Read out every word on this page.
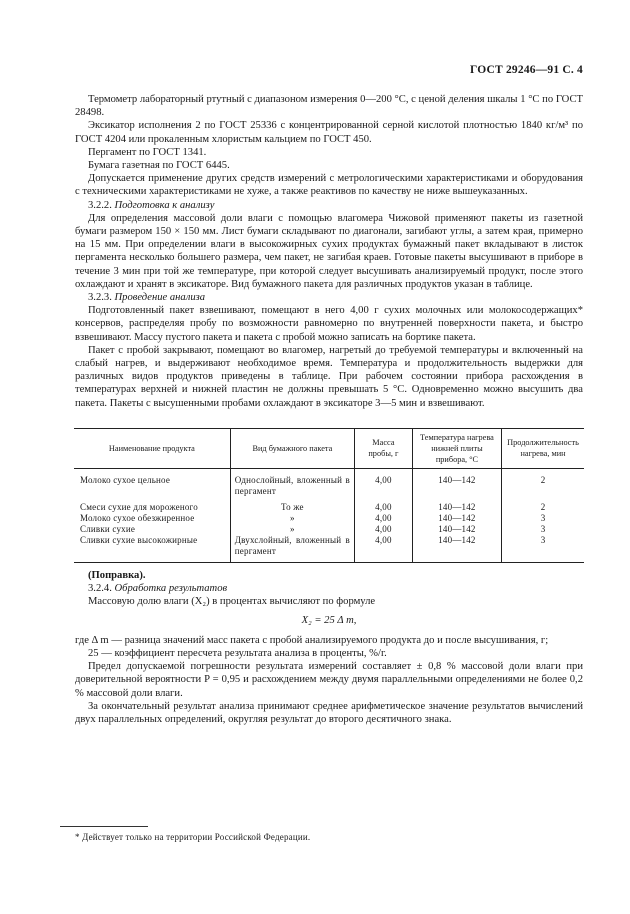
ГОСТ 29246—91 С. 4

Термометр лабораторный ртутный с диапазоном измерения 0—200 °С, с ценой деления шкалы 1 °С по ГОСТ 28498.

Эксикатор исполнения 2 по ГОСТ 25336 с концентрированной серной кислотой плотностью 1840 кг/м³ по ГОСТ 4204 или прокаленным хлористым кальцием по ГОСТ 450.

Пергамент по ГОСТ 1341.

Бумага газетная по ГОСТ 6445.

Допускается применение других средств измерений с метрологическими характеристиками и оборудования с техническими характеристиками не хуже, а также реактивов по качеству не ниже вышеуказанных.

3.2.2. Подготовка к анализу

Для определения массовой доли влаги с помощью влагомера Чижовой применяют пакеты из газетной бумаги размером 150 × 150 мм. Лист бумаги складывают по диагонали, загибают углы, а затем края, примерно на 15 мм. При определении влаги в высокожирных сухих продуктах бумажный пакет вкладывают в листок пергамента несколько большего размера, чем пакет, не загибая краев. Готовые пакеты высушивают в приборе в течение 3 мин при той же температуре, при которой следует высушивать анализируемый продукт, после этого охлаждают и хранят в эксикаторе. Вид бумажного пакета для различных продуктов указан в таблице.

3.2.3. Проведение анализа

Подготовленный пакет взвешивают, помещают в него 4,00 г сухих молочных или молокосодержащих* консервов, распределяя пробу по возможности равномерно по внутренней поверхности пакета, и быстро взвешивают. Массу пустого пакета и пакета с пробой можно записать на бортике пакета.

Пакет с пробой закрывают, помещают во влагомер, нагретый до требуемой температуры и включенный на слабый нагрев, и выдерживают необходимое время. Температура и продолжительность выдержки для различных видов продуктов приведены в таблице. При рабочем состоянии прибора расхождения в температурах верхней и нижней пластин не должны превышать 5 °С. Одновременно можно высушить два пакета. Пакеты с высушенными пробами охлаждают в эксикаторе 3—5 мин и взвешивают.

Наименование продукта	Вид бумажного пакета	Масса пробы, г	Температура нагрева нижней плиты прибора, °С	Продолжительность нагрева, мин
Молоко сухое цельное	Однослойный, вложенный в пергамент	4,00	140—142	2
Смеси сухие для мороженого	То же	4,00	140—142	2
Молоко сухое обезжиренное	»	4,00	140—142	3
Сливки сухие	»	4,00	140—142	3
Сливки сухие высокожирные	Двухслойный, вложенный в пергамент	4,00	140—142	3

(Поправка).

3.2.4. Обработка результатов

Массовую долю влаги (X₂) в процентах вычисляют по формуле

X₂ = 25 Δ m,

где Δ m — разница значений масс пакета с пробой анализируемого продукта до и после высушивания, г;

25 — коэффициент пересчета результата анализа в проценты, %/г.

Предел допускаемой погрешности результата измерений составляет ± 0,8 % массовой доли влаги при доверительной вероятности P = 0,95 и расхождением между двумя параллельными определениями не более 0,2 % массовой доли влаги.

За окончательный результат анализа принимают среднее арифметическое значение результатов вычислений двух параллельных определений, округляя результат до второго десятичного знака.

* Действует только на территории Российской Федерации.
